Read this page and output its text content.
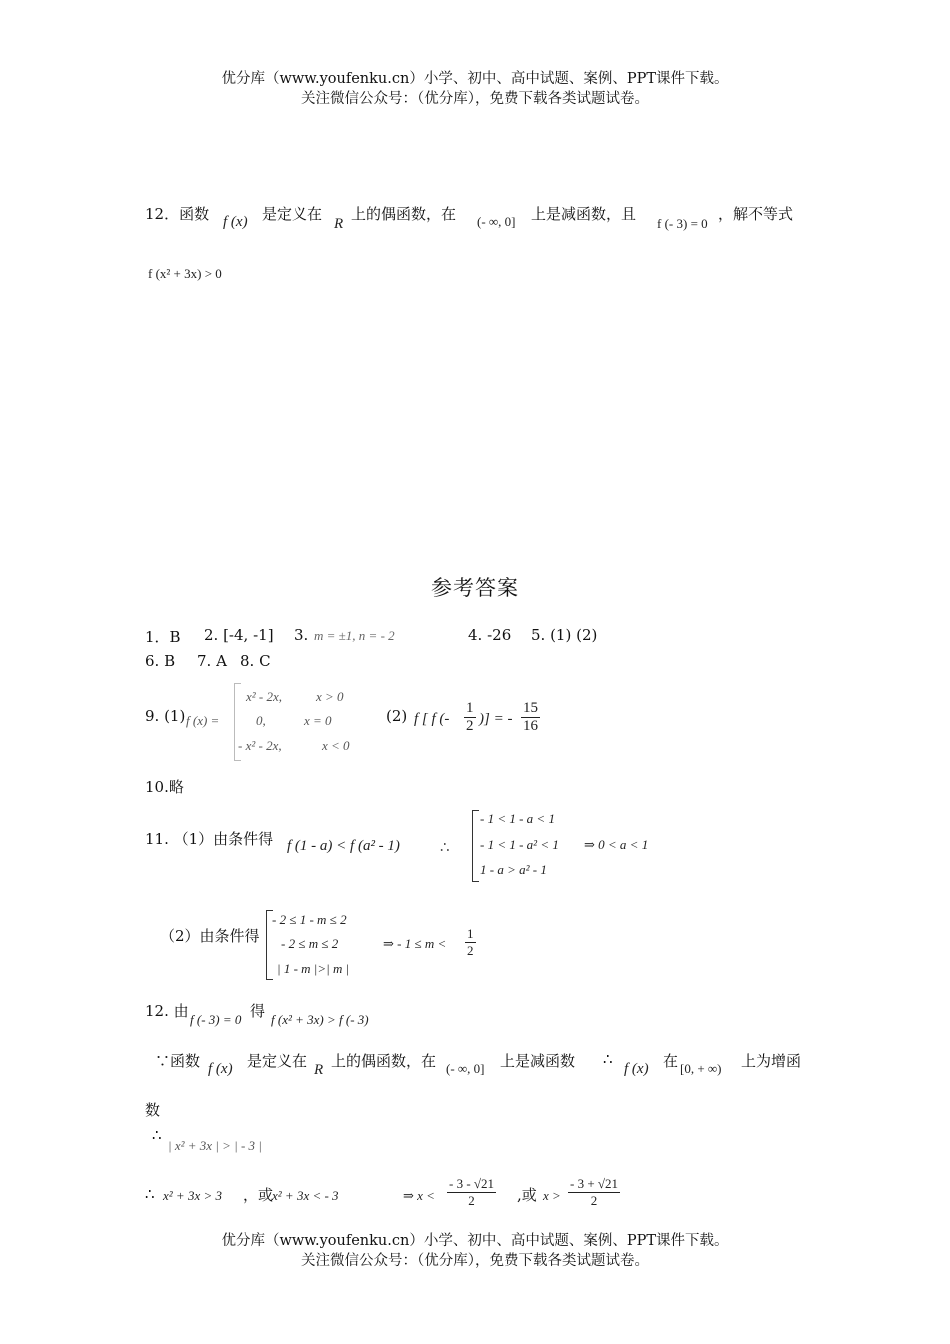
优分库（www.youfenku.cn）小学、初中、高中试题、案例、PPT课件下载。
关注微信公众号：（优分库），免费下载各类试题试卷。
12．函数 f (x) 是定义在
R
上的偶函数，在 (- ∞, 0] 上是减函数，且
f (- 3) = 0
，解不等式
f (x² + 3x) > 0
参考答案
1．B 2. [-4, -1] 3. m = ±1, n = - 2	4. -26 5. (1) (2)
6. B 7. A 8. C
9. (1) f (x) =
x² - 2x,	x > 0
0,	x = 0
- x² - 2x,	x < 0
(2) f [ f (- $\frac{1}{2}$ )] = - $\frac{15}{16}$
10.略
11. （1）由条件得 f (1 - a) < f (a² - 1)	∴
- 1 < 1 - a < 1
- 1 < 1 - a² < 1
1 - a > a² - 1
⇒ 0 < a < 1
（2）由条件得
- 2 ≤ 1 - m ≤ 2
- 2 ≤ m ≤ 2
| 1 - m |>| m |
⇒ - $1 \le m < \frac{1}{2}$
12. 由 f (- 3) = 0 得 f (x² + 3x) > f (- 3)
∵函数 f (x) 是定义在 R 上的偶函数，在 (- ∞, 0] 上是减函数 ∴
f (x) 在 [0, + ∞) 上为增函
数
∴
| x² + 3x | > | - 3 |
∴ x² + 3x > 3 ，或
x² + 3x < - 3	⇒ $x < \frac{- 3 - √21}{2}$ ,或 $x > \frac{- 3 + √21}{2}$
优分库（www.youfenku.cn）小学、初中、高中试题、案例、PPT课件下载。
关注微信公众号：（优分库），免费下载各类试题试卷。
